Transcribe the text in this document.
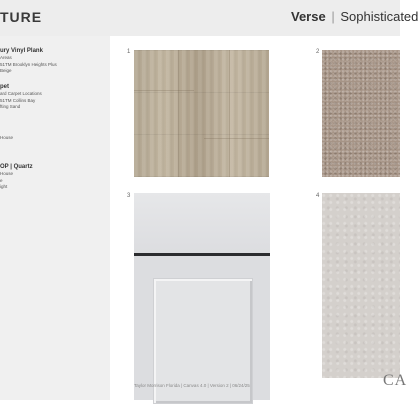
TURE	Verse | Sophisticated
ury Vinyl Plank
Areas
51TM Brooklyn Heights Plus
Beige
pet
ard Carpet Locations
51TM Collins Bay
fting Sand
House
OP | Quartz
House
e
ight
1	2
3	4
Taylor Morrison Florida | Canvas 4.0 | Version 2 | 06/24/25	CA
